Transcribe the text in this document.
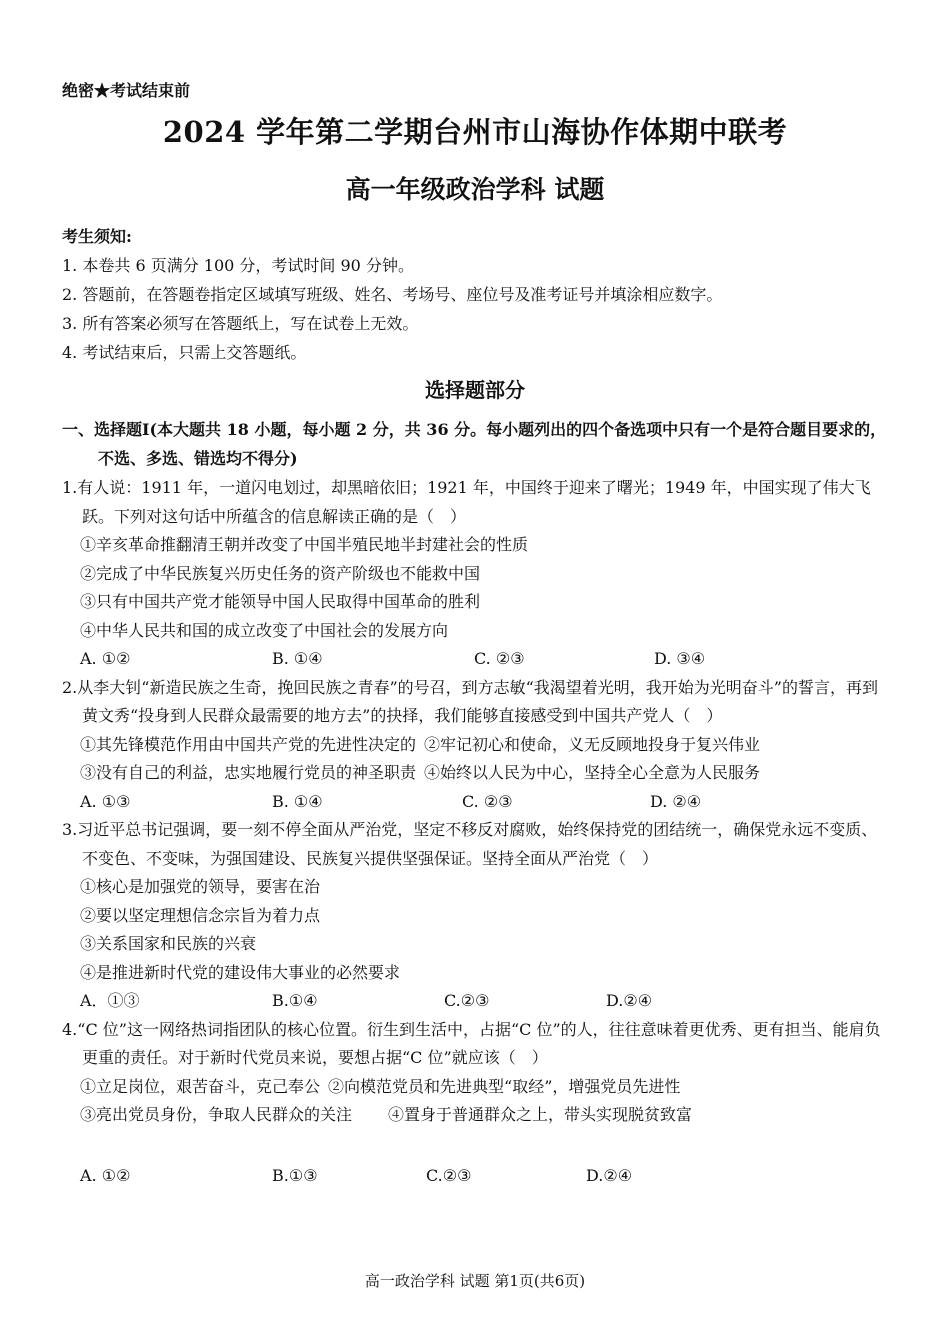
绝密★考试结束前
2024 学年第二学期台州市山海协作体期中联考
高一年级政治学科 试题
考生须知:
1. 本卷共 6 页满分 100 分，考试时间 90 分钟。
2. 答题前，在答题卷指定区域填写班级、姓名、考场号、座位号及准考证号并填涂相应数字。
3. 所有答案必须写在答题纸上，写在试卷上无效。
4. 考试结束后，只需上交答题纸。
选择题部分
一、选择题Ⅰ(本大题共 18 小题，每小题 2 分，共 36 分。每小题列出的四个备选项中只有一个是符合题目要求的，不选、多选、错选均不得分)
1.有人说：1911 年，一道闪电划过，却黑暗依旧；1921 年，中国终于迎来了曙光；1949 年，中国实现了伟大飞跃。下列对这句话中所蕴含的信息解读正确的是（　）
①辛亥革命推翻清王朝并改变了中国半殖民地半封建社会的性质
②完成了中华民族复兴历史任务的资产阶级也不能救中国
③只有中国共产党才能领导中国人民取得中国革命的胜利
④中华人民共和国的成立改变了中国社会的发展方向
A. ①②	B. ①④	C. ②③	D. ③④
2.从李大钊“新造民族之生奇，挽回民族之青春”的号召，到方志敏“我渴望着光明，我开始为光明奋斗”的誓言，再到黄文秀“投身到人民群众最需要的地方去”的抉择，我们能够直接感受到中国共产党人（　）
①其先锋模范作用由中国共产党的先进性决定的 ②牢记初心和使命，义无反顾地投身于复兴伟业
③没有自己的利益，忠实地履行党员的神圣职责 ④始终以人民为中心，坚持全心全意为人民服务
A. ①③	B. ①④	C. ②③	D. ②④
3.习近平总书记强调，要一刻不停全面从严治党，坚定不移反对腐败，始终保持党的团结统一，确保党永远不变质、不变色、不变味，为强国建设、民族复兴提供坚强保证。坚持全面从严治党（　）
①核心是加强党的领导，要害在治
②要以坚定理想信念宗旨为着力点
③关系国家和民族的兴衰
④是推进新时代党的建设伟大事业的必然要求
A．①③	B.①④	C.②③	D.②④
4.“C 位”这一网络热词指团队的核心位置。衍生到生活中，占据“C 位”的人，往往意味着更优秀、更有担当、能肩负更重的责任。对于新时代党员来说，要想占据“C 位”就应该（　）
①立足岗位，艰苦奋斗，克己奉公 ②向模范党员和先进典型“取经”，增强党员先进性
③亮出党员身份，争取人民群众的关注 ④置身于普通群众之上，带头实现脱贫致富
A. ①②	B.①③	C.②③	D.②④
高一政治学科 试题 第1页(共6页)
